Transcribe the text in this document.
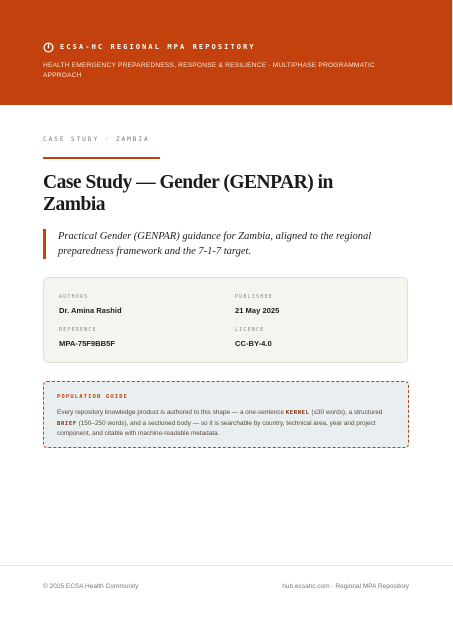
ECSA-HC REGIONAL MPA REPOSITORY
HEALTH EMERGENCY PREPAREDNESS, RESPONSE & RESILIENCE · MULTIPHASE PROGRAMMATIC APPROACH
CASE STUDY · ZAMBIA
Case Study — Gender (GENPAR) in Zambia

Practical Gender (GENPAR) guidance for Zambia, aligned to the regional preparedness framework and the 7-1-7 target.

AUTHORS
Dr. Amina Rashid
PUBLISHED
21 May 2025
REFERENCE
MPA-75F9BB5F
LICENCE
CC-BY-4.0
POPULATION GUIDE
Every repository knowledge product is authored to this shape — a one-sentence KERNEL (≤30 words), a structured BRIEF (150–250 words), and a sectioned body — so it is searchable by country, technical area, year and project component, and citable with machine-readable metadata.
© 2025 ECSA Health Community	hub.ecsahc.com · Regional MPA Repository
